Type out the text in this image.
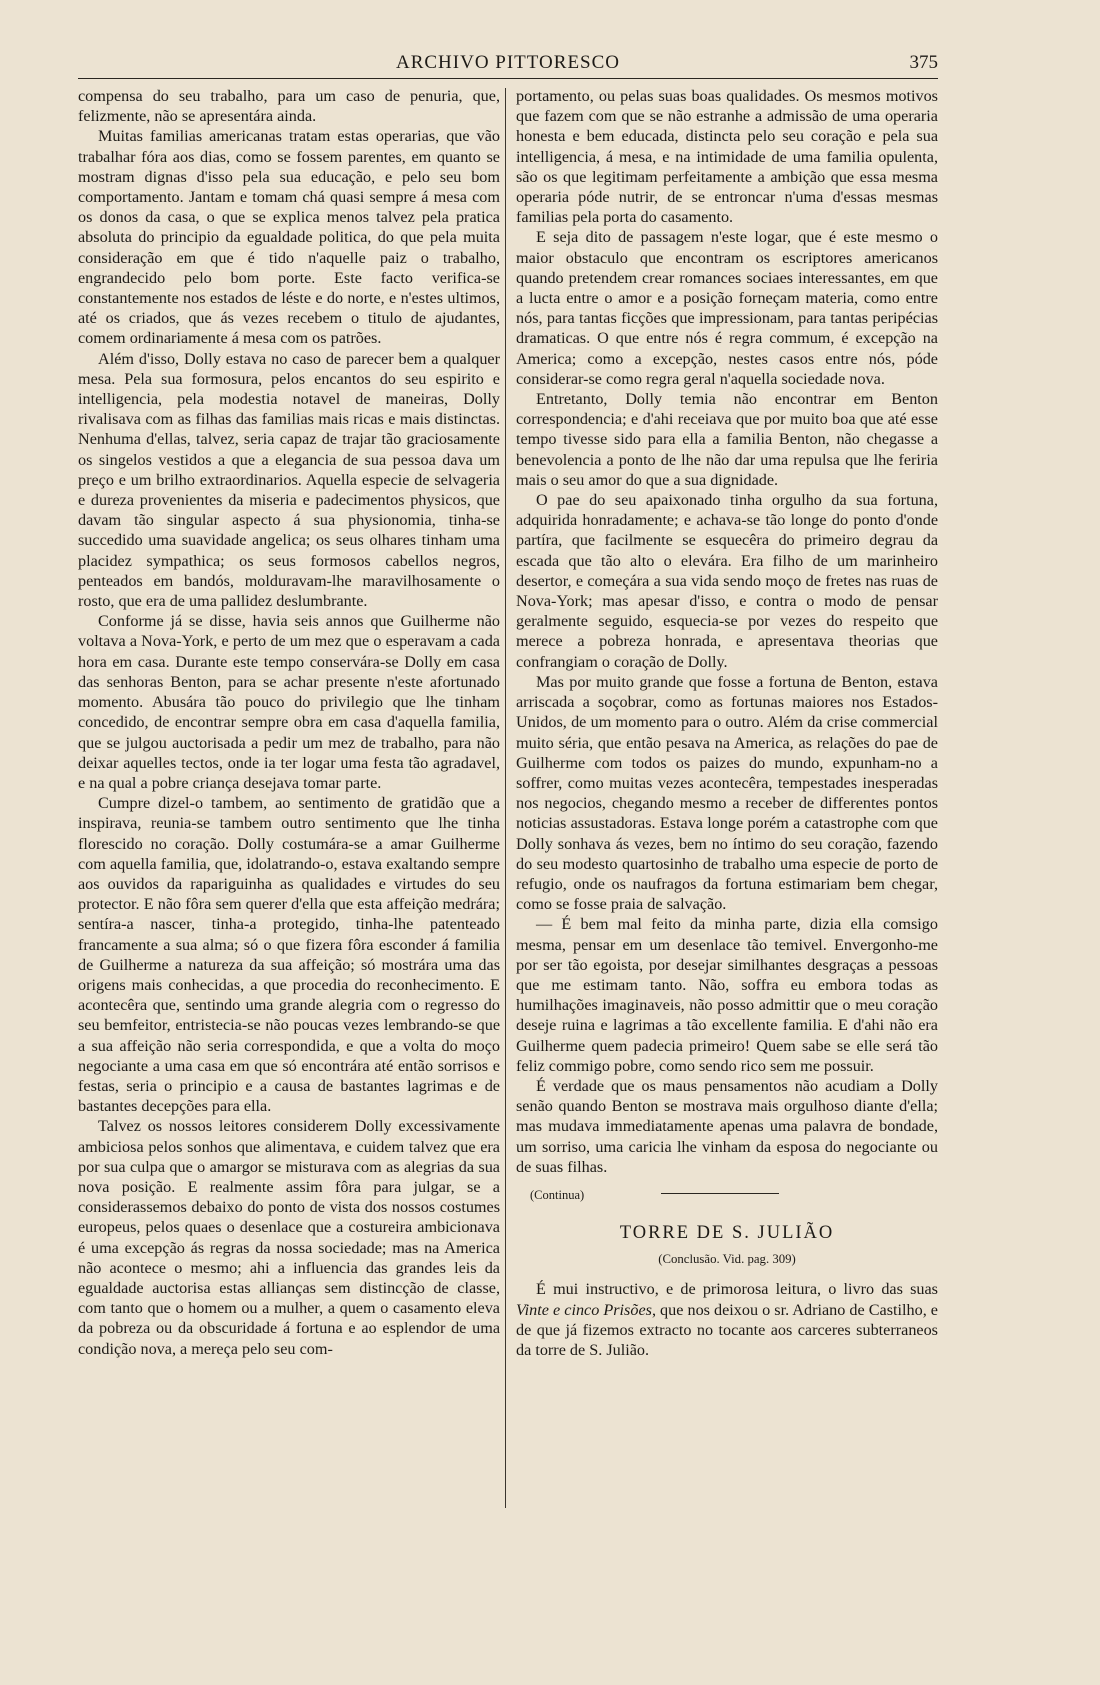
ARCHIVO PITTORESCO	375

compensa do seu trabalho, para um caso de penuria, que, felizmente, não se apresentára ainda.

Muitas familias americanas tratam estas operarias, que vão trabalhar fóra aos dias, como se fossem parentes, em quanto se mostram dignas d'isso pela sua educação, e pelo seu bom comportamento. Jantam e tomam chá quasi sempre á mesa com os donos da casa, o que se explica menos talvez pela pratica absoluta do principio da egualdade politica, do que pela muita consideração em que é tido n'aquelle paiz o trabalho, engrandecido pelo bom porte. Este facto verifica-se constantemente nos estados de léste e do norte, e n'estes ultimos, até os criados, que ás vezes recebem o titulo de ajudantes, comem ordinariamente á mesa com os patrões.

Além d'isso, Dolly estava no caso de parecer bem a qualquer mesa. Pela sua formosura, pelos encantos do seu espirito e intelligencia, pela modestia notavel de maneiras, Dolly rivalisava com as filhas das familias mais ricas e mais distinctas. Nenhuma d'ellas, talvez, seria capaz de trajar tão graciosamente os singelos vestidos a que a elegancia de sua pessoa dava um preço e um brilho extraordinarios. Aquella especie de selvageria e dureza provenientes da miseria e padecimentos physicos, que davam tão singular aspecto á sua physionomia, tinha-se succedido uma suavidade angelica; os seus olhares tinham uma placidez sympathica; os seus formosos cabellos negros, penteados em bandós, molduravam-lhe maravilhosamente o rosto, que era de uma pallidez deslumbrante.

Conforme já se disse, havia seis annos que Guilherme não voltava a Nova-York, e perto de um mez que o esperavam a cada hora em casa. Durante este tempo conservára-se Dolly em casa das senhoras Benton, para se achar presente n'este afortunado momento. Abusára tão pouco do privilegio que lhe tinham concedido, de encontrar sempre obra em casa d'aquella familia, que se julgou auctorisada a pedir um mez de trabalho, para não deixar aquelles tectos, onde ia ter logar uma festa tão agradavel, e na qual a pobre criança desejava tomar parte.

Cumpre dizel-o tambem, ao sentimento de gratidão que a inspirava, reunia-se tambem outro sentimento que lhe tinha florescido no coração. Dolly costumára-se a amar Guilherme com aquella familia, que, idolatrando-o, estava exaltando sempre aos ouvidos da rapariguinha as qualidades e virtudes do seu protector. E não fôra sem querer d'ella que esta affeição medrára; sentíra-a nascer, tinha-a protegido, tinha-lhe patenteado francamente a sua alma; só o que fizera fôra esconder á familia de Guilherme a natureza da sua affeição; só mostrára uma das origens mais conhecidas, a que procedia do reconhecimento. E acontecêra que, sentindo uma grande alegria com o regresso do seu bemfeitor, entristecia-se não poucas vezes lembrando-se que a sua affeição não seria correspondida, e que a volta do moço negociante a uma casa em que só encontrára até então sorrisos e festas, seria o principio e a causa de bastantes lagrimas e de bastantes decepções para ella.

Talvez os nossos leitores considerem Dolly excessivamente ambiciosa pelos sonhos que alimentava, e cuidem talvez que era por sua culpa que o amargor se misturava com as alegrias da sua nova posição. E realmente assim fôra para julgar, se a considerassemos debaixo do ponto de vista dos nossos costumes europeus, pelos quaes o desenlace que a costureira ambicionava é uma excepção ás regras da nossa sociedade; mas na America não acontece o mesmo; ahi a influencia das grandes leis da egualdade auctorisa estas allianças sem distincção de classe, com tanto que o homem ou a mulher, a quem o casamento eleva da pobreza ou da obscuridade á fortuna e ao esplendor de uma condição nova, a mereça pelo seu com-

portamento, ou pelas suas boas qualidades. Os mesmos motivos que fazem com que se não estranhe a admissão de uma operaria honesta e bem educada, distincta pelo seu coração e pela sua intelligencia, á mesa, e na intimidade de uma familia opulenta, são os que legitimam perfeitamente a ambição que essa mesma operaria póde nutrir, de se entroncar n'uma d'essas mesmas familias pela porta do casamento.

E seja dito de passagem n'este logar, que é este mesmo o maior obstaculo que encontram os escriptores americanos quando pretendem crear romances sociaes interessantes, em que a lucta entre o amor e a posição forneçam materia, como entre nós, para tantas ficções que impressionam, para tantas peripécias dramaticas. O que entre nós é regra commum, é excepção na America; como a excepção, nestes casos entre nós, póde considerar-se como regra geral n'aquella sociedade nova.

Entretanto, Dolly temia não encontrar em Benton correspondencia; e d'ahi receiava que por muito boa que até esse tempo tivesse sido para ella a familia Benton, não chegasse a benevolencia a ponto de lhe não dar uma repulsa que lhe feriria mais o seu amor do que a sua dignidade.

O pae do seu apaixonado tinha orgulho da sua fortuna, adquirida honradamente; e achava-se tão longe do ponto d'onde partíra, que facilmente se esquecêra do primeiro degrau da escada que tão alto o elevára. Era filho de um marinheiro desertor, e começára a sua vida sendo moço de fretes nas ruas de Nova-York; mas apesar d'isso, e contra o modo de pensar geralmente seguido, esquecia-se por vezes do respeito que merece a pobreza honrada, e apresentava theorias que confrangiam o coração de Dolly.

Mas por muito grande que fosse a fortuna de Benton, estava arriscada a soçobrar, como as fortunas maiores nos Estados-Unidos, de um momento para o outro. Além da crise commercial muito séria, que então pesava na America, as relações do pae de Guilherme com todos os paizes do mundo, expunham-no a soffrer, como muitas vezes acontecêra, tempestades inesperadas nos negocios, chegando mesmo a receber de differentes pontos noticias assustadoras. Estava longe porém a catastrophe com que Dolly sonhava ás vezes, bem no íntimo do seu coração, fazendo do seu modesto quartosinho de trabalho uma especie de porto de refugio, onde os naufragos da fortuna estimariam bem chegar, como se fosse praia de salvação.

— É bem mal feito da minha parte, dizia ella comsigo mesma, pensar em um desenlace tão temivel. Envergonho-me por ser tão egoista, por desejar similhantes desgraças a pessoas que me estimam tanto. Não, soffra eu embora todas as humilhações imaginaveis, não posso admittir que o meu coração deseje ruina e lagrimas a tão excellente familia. E d'ahi não era Guilherme quem padecia primeiro! Quem sabe se elle será tão feliz commigo pobre, como sendo rico sem me possuir.

É verdade que os maus pensamentos não acudiam a Dolly senão quando Benton se mostrava mais orgulhoso diante d'ella; mas mudava immediatamente apenas uma palavra de bondade, um sorriso, uma caricia lhe vinham da esposa do negociante ou de suas filhas.

(Continua)
TORRE DE S. JULIÃO
(Conclusão. Vid. pag. 309)

É mui instructivo, e de primorosa leitura, o livro das suas Vinte e cinco Prisões, que nos deixou o sr. Adriano de Castilho, e de que já fizemos extracto no tocante aos carceres subterraneos da torre de S. Julião.
